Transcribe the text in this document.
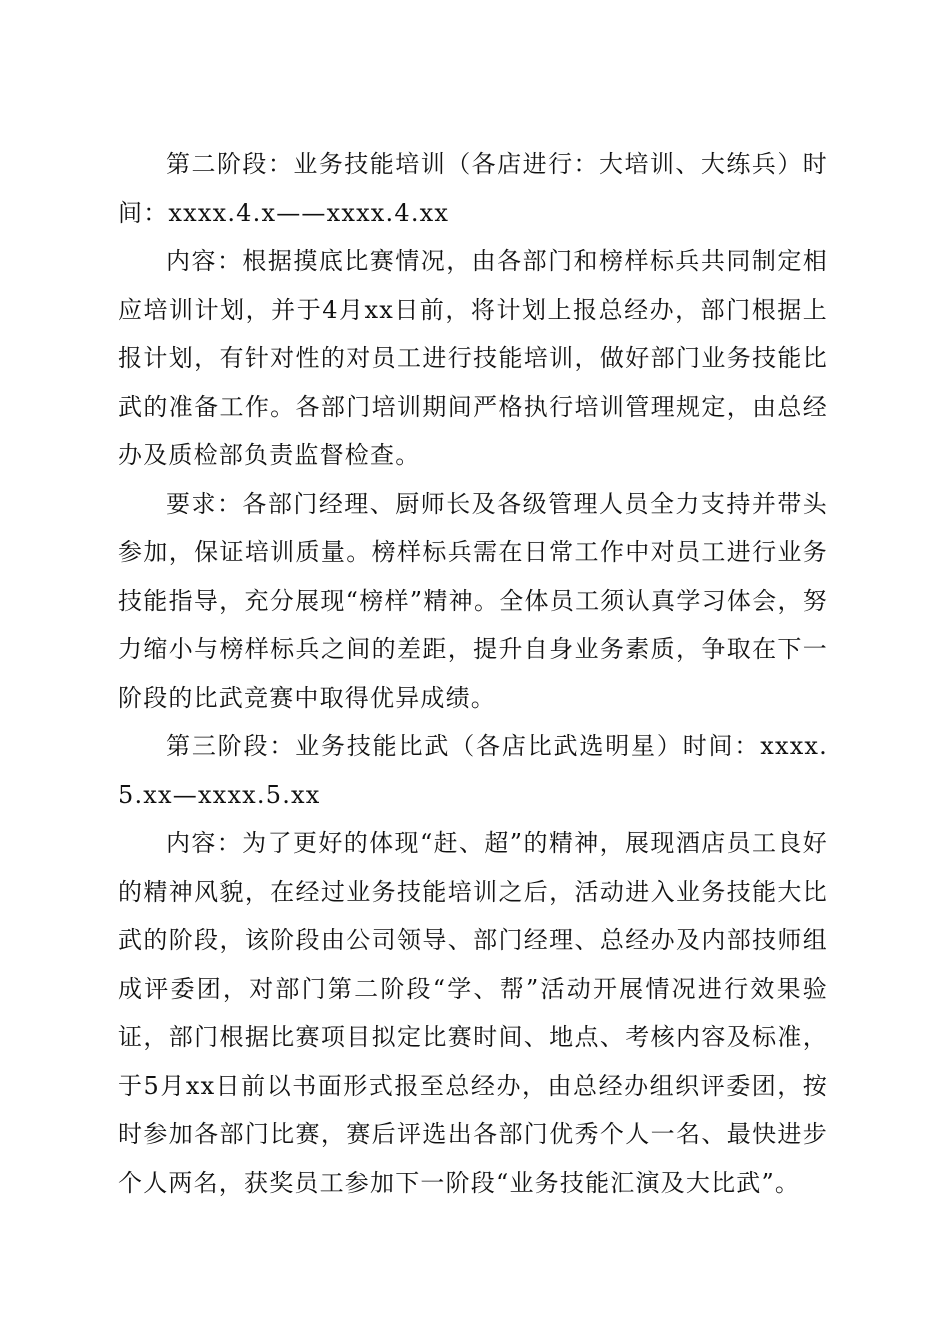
第二阶段：业务技能培训（各店进行：大培训、大练兵）时间：xxxx.4.x——xxxx.4.xx

内容：根据摸底比赛情况，由各部门和榜样标兵共同制定相应培训计划，并于4月xx日前，将计划上报总经办，部门根据上报计划，有针对性的对员工进行技能培训，做好部门业务技能比武的准备工作。各部门培训期间严格执行培训管理规定，由总经办及质检部负责监督检查。

要求：各部门经理、厨师长及各级管理人员全力支持并带头参加，保证培训质量。榜样标兵需在日常工作中对员工进行业务技能指导，充分展现“榜样”精神。全体员工须认真学习体会，努力缩小与榜样标兵之间的差距，提升自身业务素质，争取在下一阶段的比武竞赛中取得优异成绩。

第三阶段：业务技能比武（各店比武选明星）时间：xxxx.5.xx—xxxx.5.xx

内容：为了更好的体现“赶、超”的精神，展现酒店员工良好的精神风貌，在经过业务技能培训之后，活动进入业务技能大比武的阶段，该阶段由公司领导、部门经理、总经办及内部技师组成评委团，对部门第二阶段“学、帮”活动开展情况进行效果验证，部门根据比赛项目拟定比赛时间、地点、考核内容及标准，于5月xx日前以书面形式报至总经办，由总经办组织评委团，按时参加各部门比赛，赛后评选出各部门优秀个人一名、最快进步个人两名，获奖员工参加下一阶段“业务技能汇演及大比武”。
